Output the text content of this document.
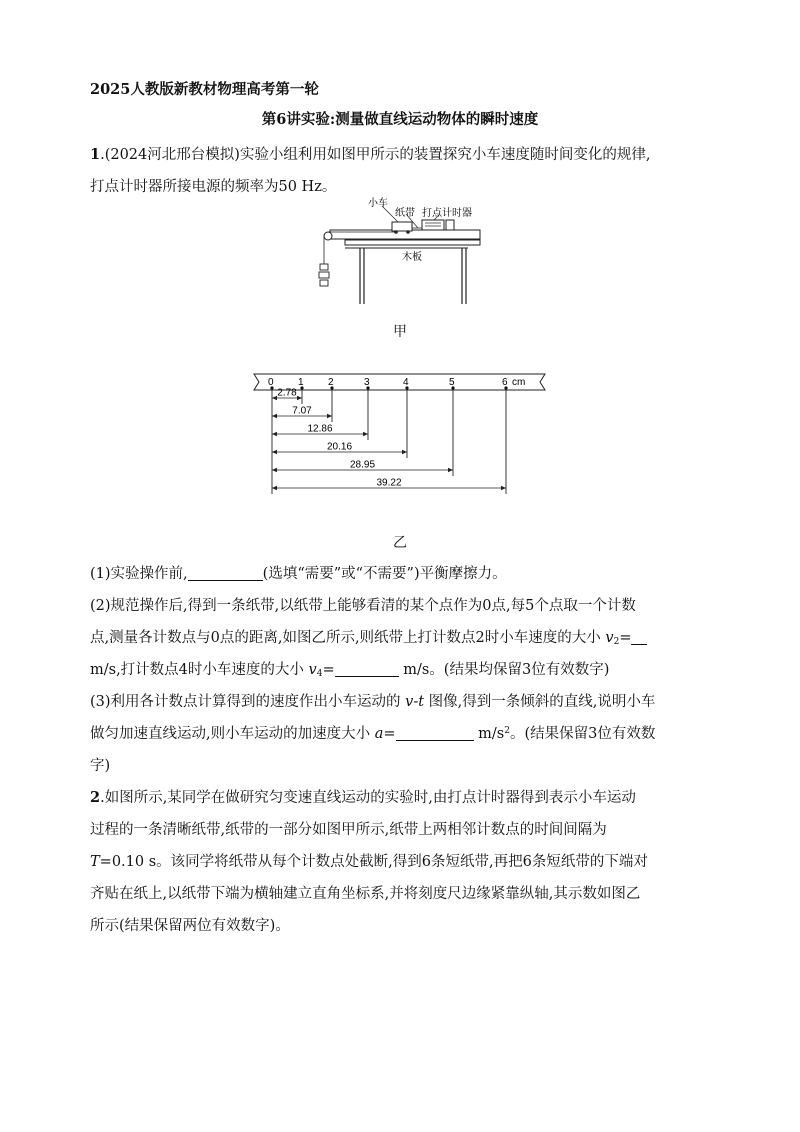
2025人教版新教材物理高考第一轮
第6讲实验:测量做直线运动物体的瞬时速度
1.(2024河北邢台模拟)实验小组利用如图甲所示的装置探究小车速度随时间变化的规律,
打点计时器所接电源的频率为50 Hz。
小车
纸带 打点计时器
木板
甲
0 1 2	3	4	5	6 cm
2.78
7.07
12.86
20.16
28.95
39.22
乙
(1)实验操作前,	(选填“需要”或“不需要”)平衡摩擦力。
(2)规范操作后,得到一条纸带,以纸带上能够看清的某个点作为0点,每5个点取一个计数
点,测量各计数点与0点的距离,如图乙所示,则纸带上打计数点2时小车速度的大小 $v_2=$
m/s,打计数点4时小车速度的大小 $v_4=$	m/s。(结果均保留3位有效数字)
(3)利用各计数点计算得到的速度作出小车运动的 v-t 图像,得到一条倾斜的直线,说明小车
做匀加速直线运动,则小车运动的加速度大小 a=	$m/s^2$。(结果保留3位有效数
字)
2.如图所示,某同学在做研究匀变速直线运动的实验时,由打点计时器得到表示小车运动
过程的一条清晰纸带,纸带的一部分如图甲所示,纸带上两相邻计数点的时间间隔为
T=0.10 s。该同学将纸带从每个计数点处截断,得到6条短纸带,再把6条短纸带的下端对
齐贴在纸上,以纸带下端为横轴建立直角坐标系,并将刻度尺边缘紧靠纵轴,其示数如图乙
所示(结果保留两位有效数字)。
